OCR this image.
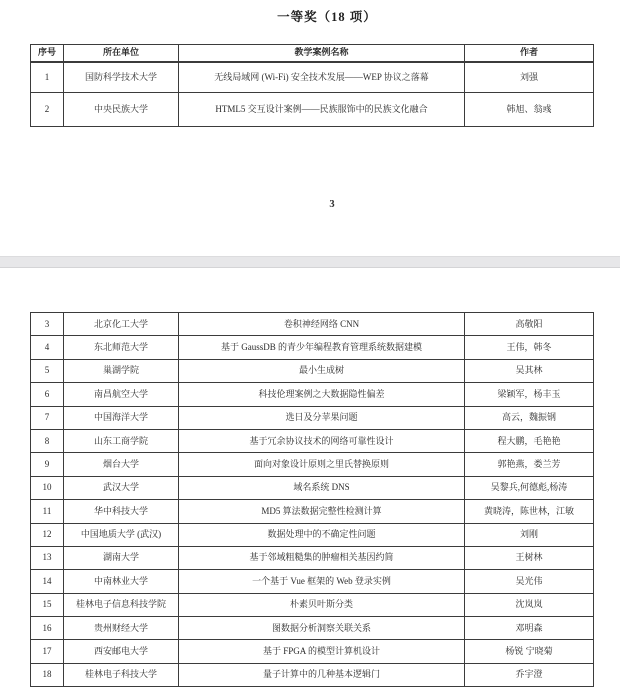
一等奖（18 项）
序号	所在单位	教学案例名称	作者
1	国防科学技术大学	无线局域网 (Wi-Fi) 安全技术发展——WEP 协议之落幕	刘强
2	中央民族大学	HTML5 交互设计案例——民族服饰中的民族文化融合	韩旭、翁彧
3
3	北京化工大学	卷积神经网络 CNN	高敬阳
4	东北师范大学	基于 GaussDB 的青少年编程教育管理系统数据建模	王伟，韩冬
5	巢湖学院	最小生成树	吴其林
6	南昌航空大学	科技伦理案例之大数据隐性偏差	梁颖军，杨丰玉
7	中国海洋大学	选日及分苹果问题	高云，魏振钢
8	山东工商学院	基于冗余协议技术的网络可靠性设计	程大鹏，毛艳艳
9	烟台大学	面向对象设计原则之里氏替换原则	郭艳燕，娄兰芳
10	武汉大学	域名系统 DNS	吴黎兵,何德彪,杨涛
11	华中科技大学	MD5 算法数据完整性检测计算	黄晓涛，陈世林，江敏
12	中国地质大学 (武汉)	数据处理中的不确定性问题	刘刚
13	湖南大学	基于邻域粗糙集的肿瘤相关基因约简	王树林
14	中南林业大学	一个基于 Vue 框架的 Web 登录实例	吴光伟
15	桂林电子信息科技学院	朴素贝叶斯分类	沈岚岚
16	贵州财经大学	图数据分析洞察关联关系	邓明森
17	西安邮电大学	基于 FPGA 的模型计算机设计	杨锐 宁晓菊
18	桂林电子科技大学	量子计算中的几种基本逻辑门	乔宇澄
